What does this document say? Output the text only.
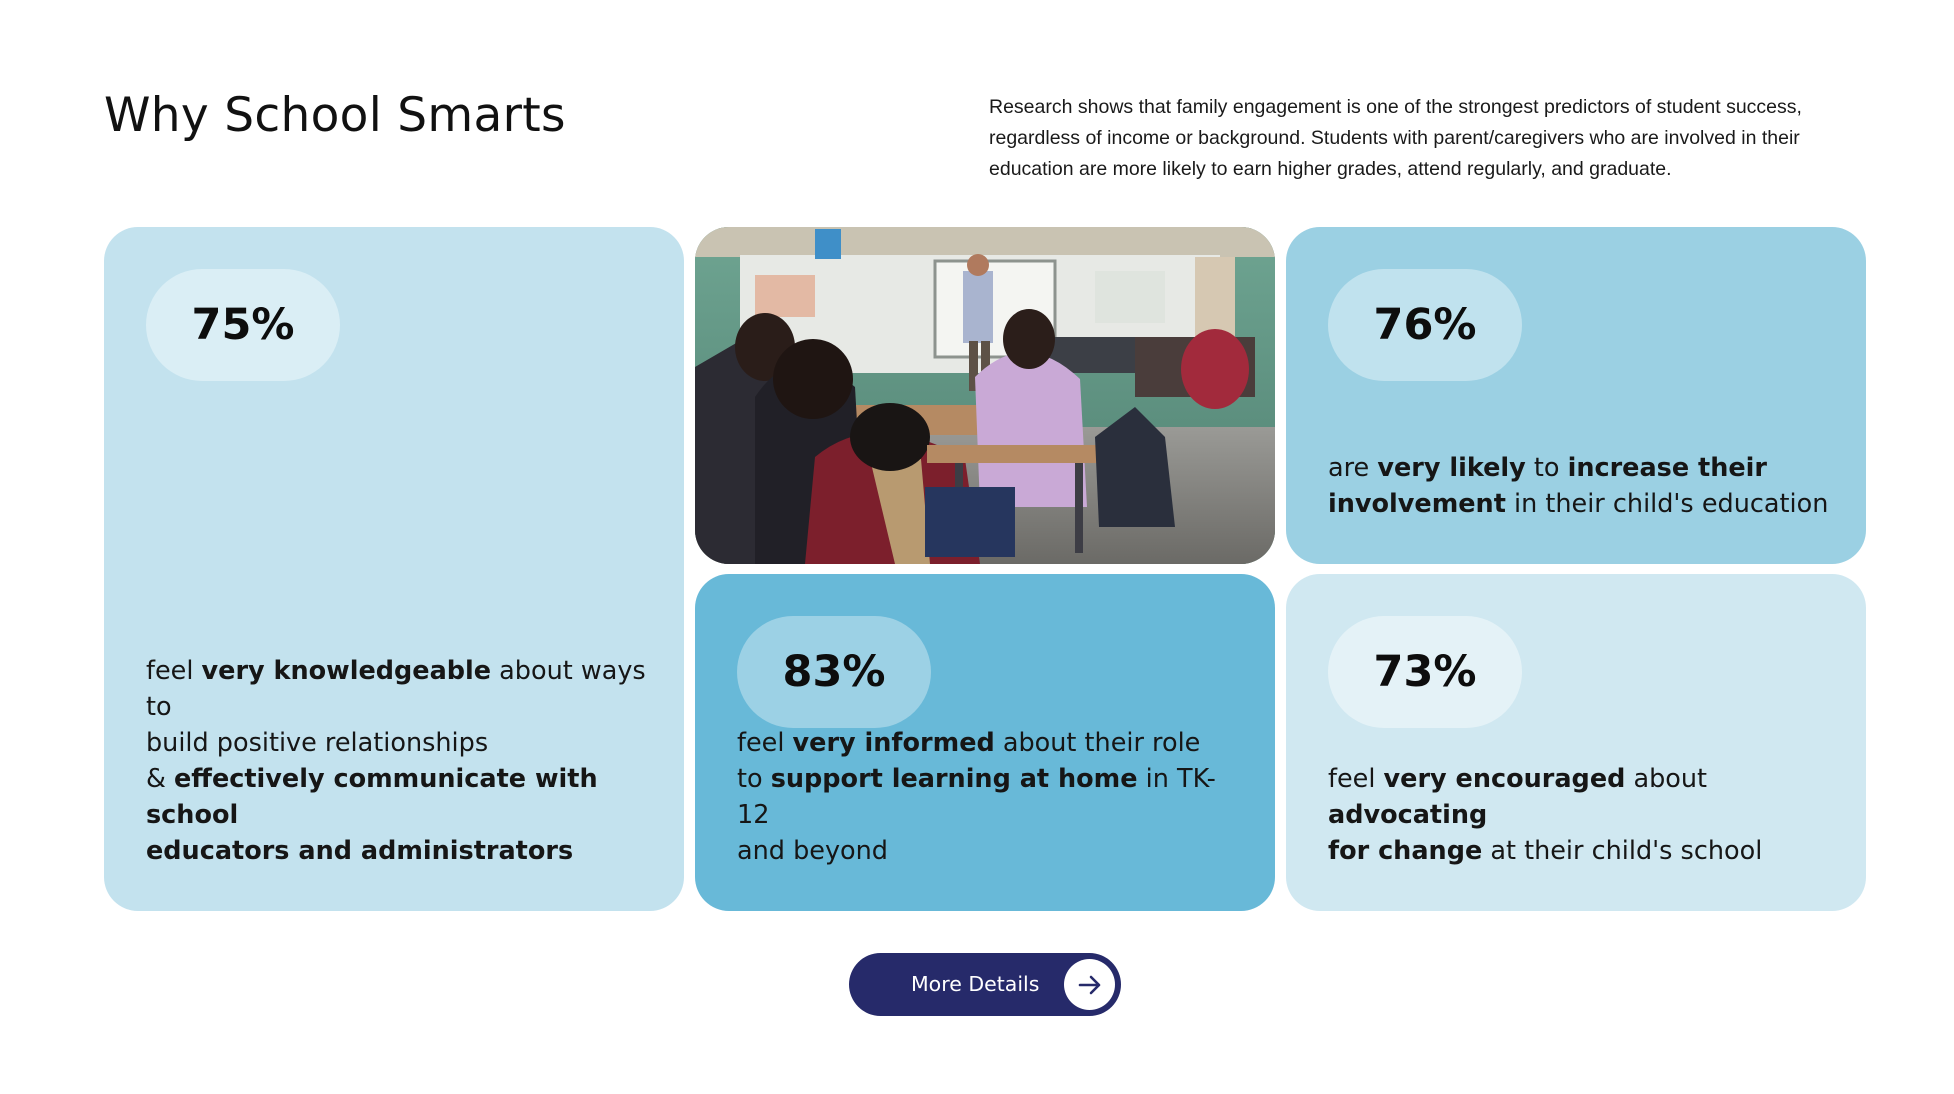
Why School Smarts	Research shows that family engagement is one of the strongest predictors of student success, regardless of income or background. Students with parent/caregivers who are involved in their education are more likely to earn higher grades, attend regularly, and graduate.

75%

feel very knowledgeable about ways to
build positive relationships
& effectively communicate with school
educators and administrators

76%

are very likely to increase their
involvement in their child's education

83%

feel very informed about their role
to support learning at home in TK-12
and beyond

73%

feel very encouraged about advocating
for change at their child's school

More Details
